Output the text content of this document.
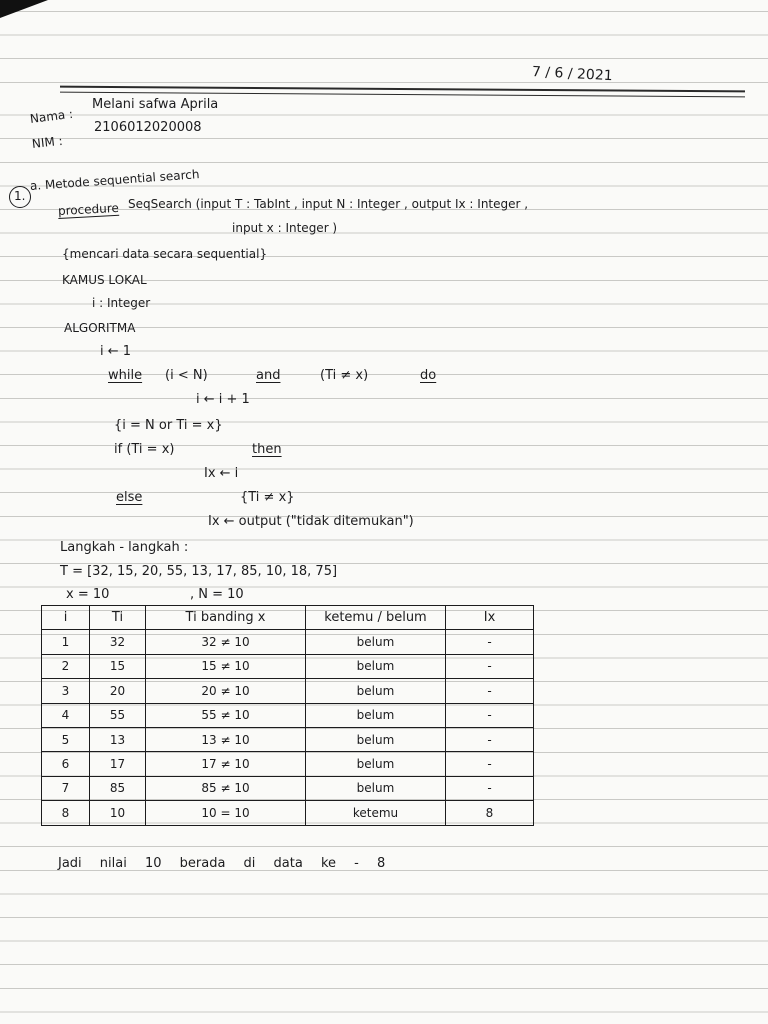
7 / 6 / 2021
Nama :
Melani safwa Aprila
NIM :
2106012020008
1.
a. Metode sequential search
procedure SeqSearch (input T : TabInt , input N : Integer , output Ix : Integer ,
input x : Integer )
{mencari data secara sequential}
KAMUS LOKAL
i : Integer
ALGORITMA
i ← 1
while (i < N)	and	(Ti ≠ x)	do
i ← i + 1
{i = N or Ti = x}
if (Ti = x)	then
Ix ← i
else	{Ti ≠ x}
Ix ← output ("tidak ditemukan")
Langkah - langkah :
T = [32, 15, 20, 55, 13, 17, 85, 10, 18, 75]
x = 10	, N = 10
i	Ti	Ti banding x	ketemu / belum	Ix
1	32	32 ≠ 10	belum	-
2	15	15 ≠ 10	belum	-
3	20	20 ≠ 10	belum	-
4	55	55 ≠ 10	belum	-
5	13	13 ≠ 10	belum	-
6	17	17 ≠ 10	belum	-
7	85	85 ≠ 10	belum	-
8	10	10 = 10	ketemu	8
Jadi nilai 10 berada di data ke - 8
